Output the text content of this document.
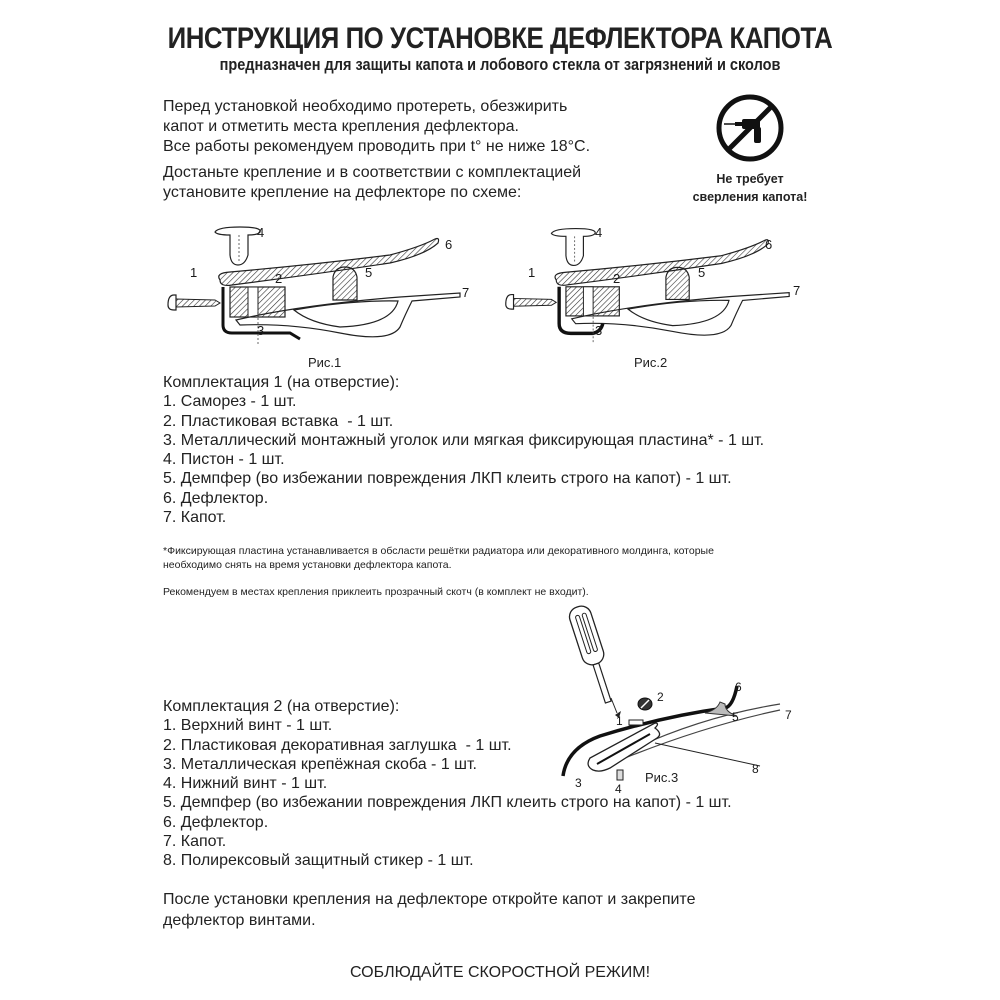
ИНСТРУКЦИЯ ПО УСТАНОВКЕ ДЕФЛЕКТОРА КАПОТА
предназначен для защиты капота и лобового стекла от загрязнений и сколов

Перед установкой необходимо протереть, обезжирить

капот и отметить места крепления дефлектора.

Все работы рекомендуем проводить при t° не ниже 18°C.

Достаньте крепление и в соответствии с комплектацией

установите крепление на дефлекторе по схеме:

Не требует
сверления капота!
4
1	2
3
5
6
7
Рис.1
4
1	2
3
5
6
7
Рис.2
Комплектация 1 (на отверстие):
1. Саморез - 1 шт.
2. Пластиковая вставка  - 1 шт.
3. Металлический монтажный уголок или мягкая фиксирующая пластина* - 1 шт.
4. Пистон - 1 шт.
5. Демпфер (во избежании повреждения ЛКП клеить строго на капот) - 1 шт.
6. Дефлектор.
7. Капот.
*Фиксирующая пластина устанавливается в обсласти решётки радиатора или декоративного молдинга, которые
необходимо снять на время установки дефлектора капота.
Рекомендуем в местах крепления приклеить прозрачный скотч (в комплект не входит).
1
2
3	4
5
6
7
8
Рис.3
Комплектация 2 (на отверстие):
1. Верхний винт - 1 шт.
2. Пластиковая декоративная заглушка  - 1 шт.
3. Металлическая крепёжная скоба - 1 шт.
4. Нижний винт - 1 шт.
5. Демпфер (во избежании повреждения ЛКП клеить строго на капот) - 1 шт.
6. Дефлектор.
7. Капот.
8. Полирексовый защитный стикер - 1 шт.
После установки крепления на дефлекторе откройте капот и закрепите
дефлектор винтами.
СОБЛЮДАЙТЕ СКОРОСТНОЙ РЕЖИМ!
